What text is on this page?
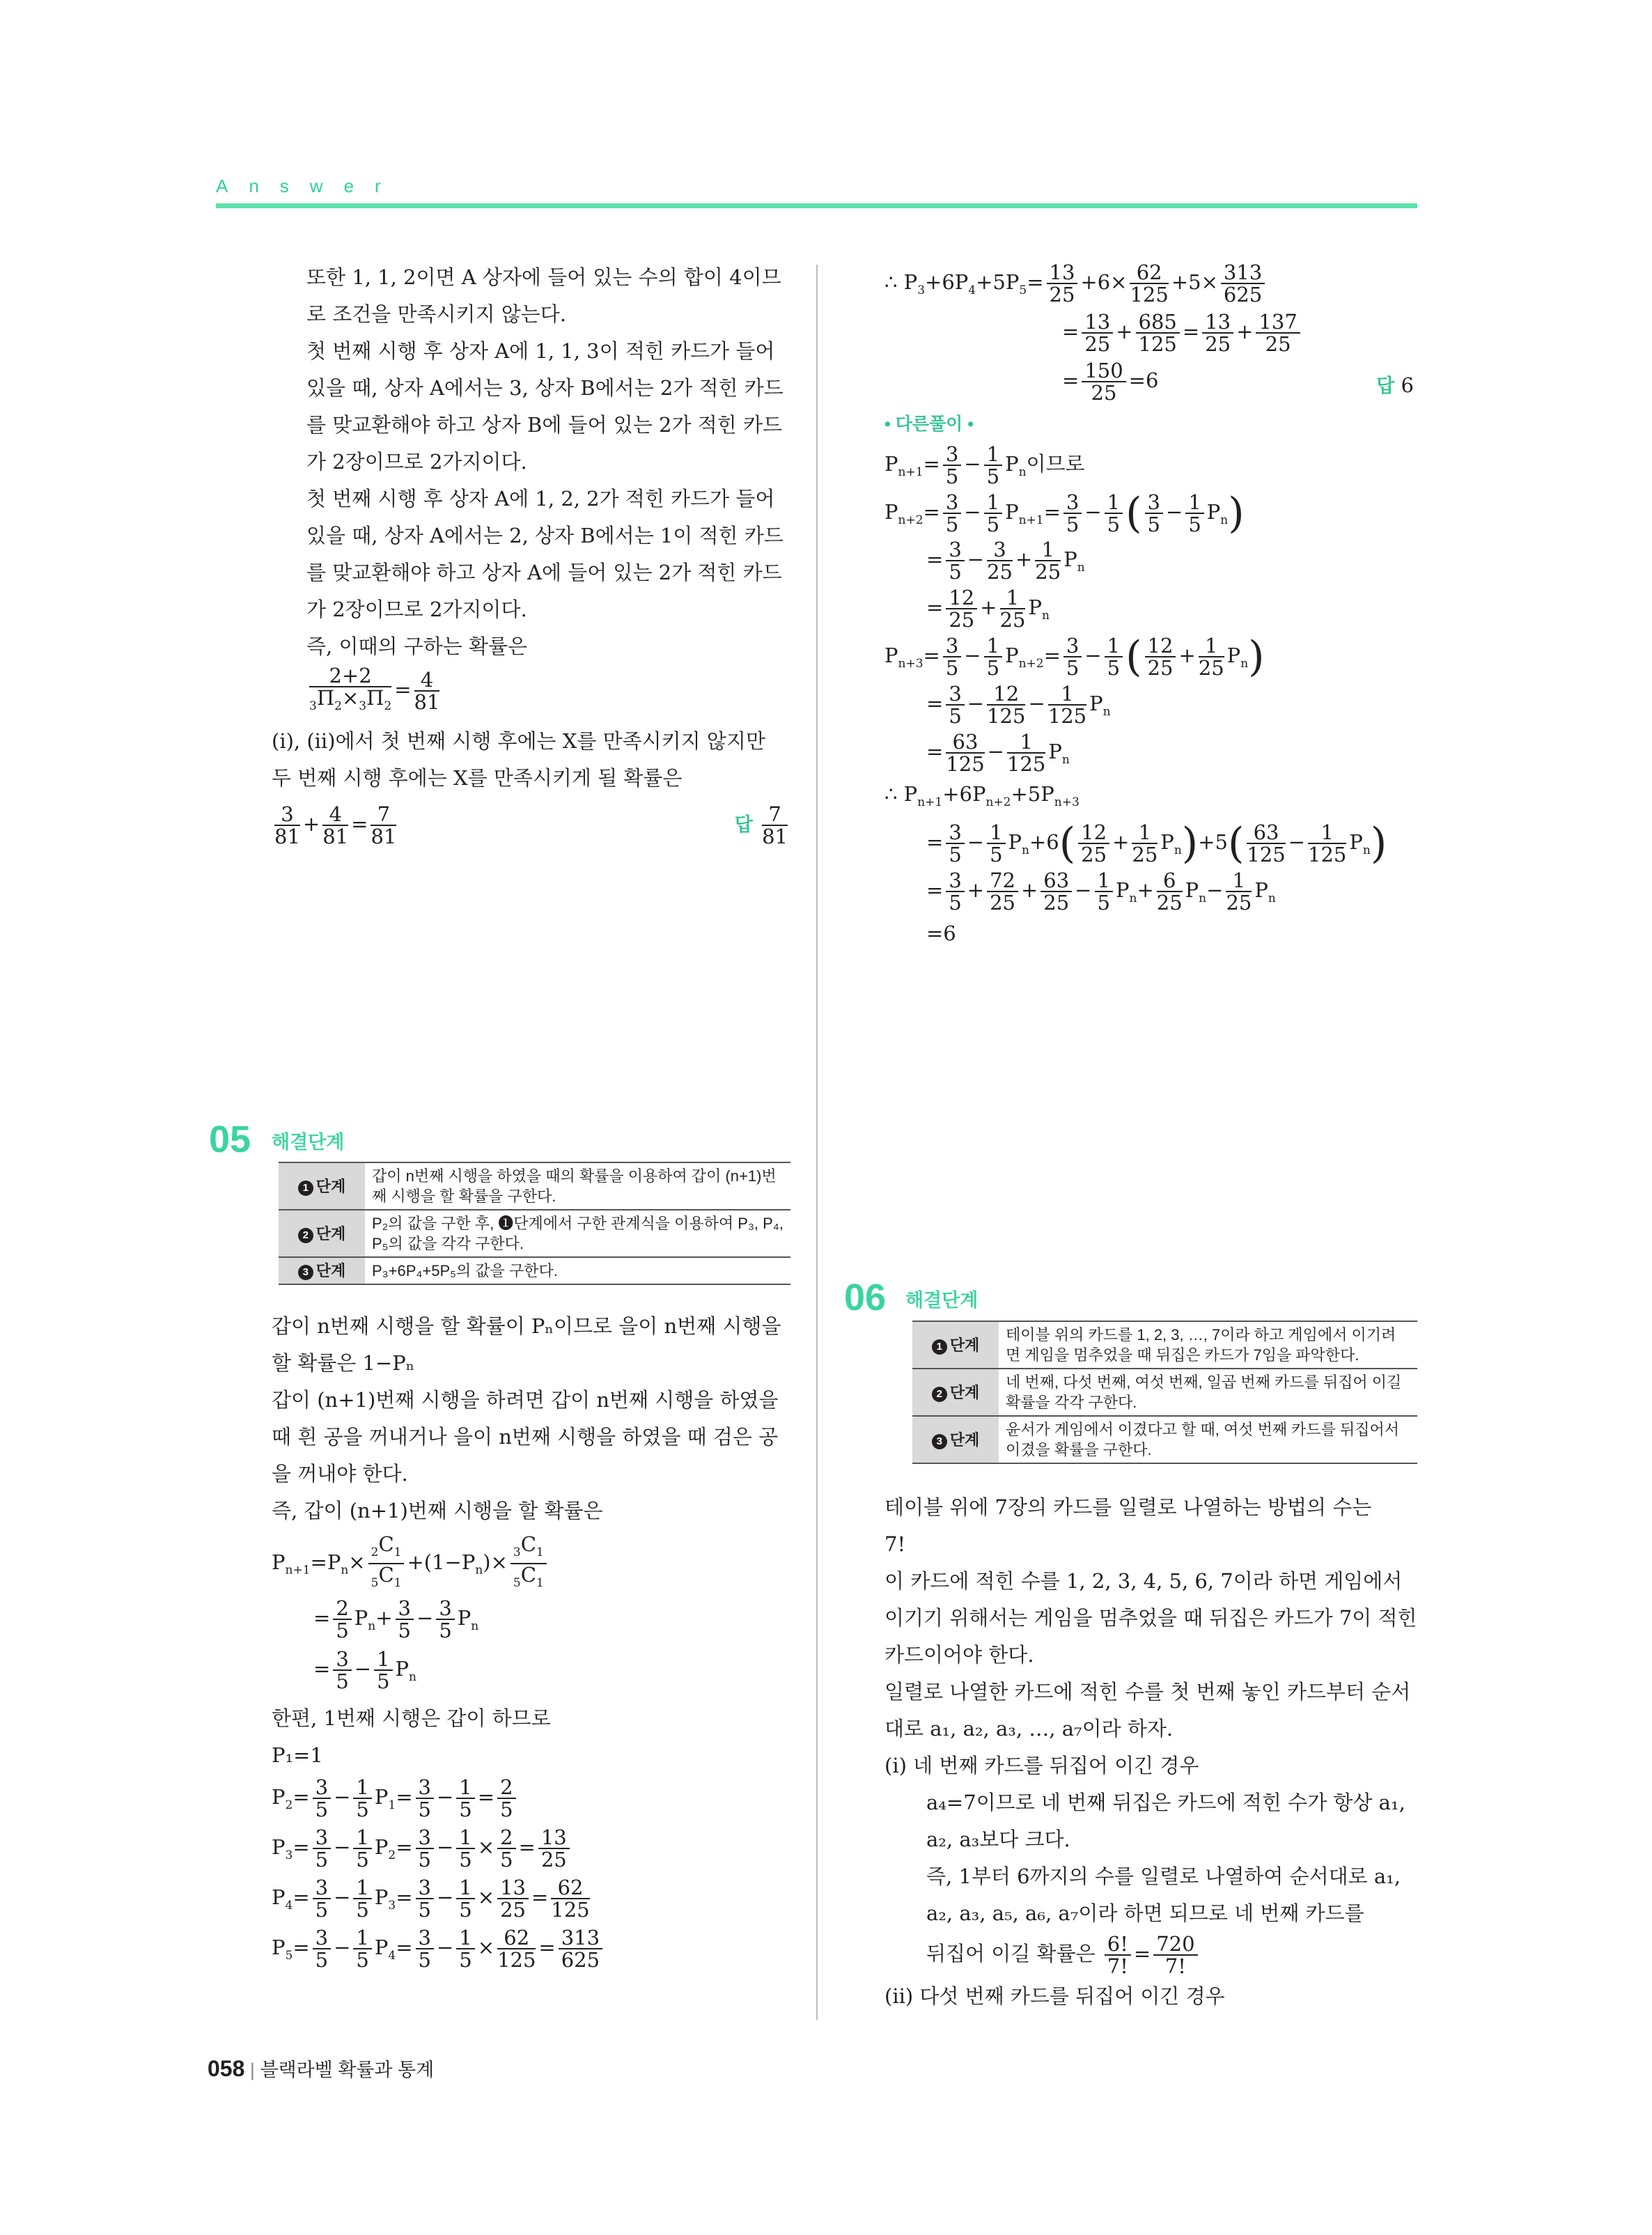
Answer

또한 1, 1, 2이면 A 상자에 들어 있는 수의 합이 4이므로 조건을 만족시키지 않는다.

첫 번째 시행 후 상자 A에 1, 1, 3이 적힌 카드가 들어 있을 때, 상자 A에서는 3, 상자 B에서는 2가 적힌 카드를 맞교환해야 하고 상자 B에 들어 있는 2가 적힌 카드가 2장이므로 2가지이다.

첫 번째 시행 후 상자 A에 1, 2, 2가 적힌 카드가 들어 있을 때, 상자 A에서는 2, 상자 B에서는 1이 적힌 카드를 맞교환해야 하고 상자 A에 들어 있는 2가 적힌 카드가 2장이므로 2가지이다.

즉, 이때의 구하는 확률은

$\frac{2+2}{_3\Pi_2\times_3\Pi_2} = \frac{4}{81}$

(ⅰ), (ⅱ)에서 첫 번째 시행 후에는 X를 만족시키지 않지만 두 번째 시행 후에는 X를 만족시키게 될 확률은

$\frac{3}{81} + \frac{4}{81} = \frac{7}{81}$	답 $\frac{7}{81}$
05 해결단계
1 단계	갑이 n번째 시행을 하였을 때의 확률을 이용하여 갑이 (n+1)번째 시행을 할 확률을 구한다.
2 단계	P₂의 값을 구한 후, ❶단계에서 구한 관계식을 이용하여 P₃, P₄, P₅의 값을 각각 구한다.
3 단계	P₃+6P₄+5P₅의 값을 구한다.

갑이 n번째 시행을 할 확률이 Pₙ이므로 을이 n번째 시행을 할 확률은 1−Pₙ

갑이 (n+1)번째 시행을 하려면 갑이 n번째 시행을 하였을 때 흰 공을 꺼내거나 을이 n번째 시행을 하였을 때 검은 공을 꺼내야 한다.

즉, 갑이 (n+1)번째 시행을 할 확률은

$P_{n+1}=P_n\times \frac{_2C_1}{_5C_1} +(1-P_n)\times \frac{_3C_1}{_5C_1}$
= $\frac{2}{5} P_n+ \frac{3}{5} - \frac{3}{5} P_n$
= $\frac{3}{5} - \frac{1}{5} P_n$

한편, 1번째 시행은 갑이 하므로

P₁=1

$P_2= \frac{3}{5} - \frac{1}{5} P_1= \frac{3}{5} - \frac{1}{5} = \frac{2}{5}$
$P_3= \frac{3}{5} - \frac{1}{5} P_2= \frac{3}{5} - \frac{1}{5} \times \frac{2}{5} = \frac{13}{25}$
$P_4= \frac{3}{5} - \frac{1}{5} P_3= \frac{3}{5} - \frac{1}{5} \times \frac{13}{25} = \frac{62}{125}$
$P_5= \frac{3}{5} - \frac{1}{5} P_4= \frac{3}{5} - \frac{1}{5} \times \frac{62}{125} = \frac{313}{625}$
∴ $P_3+6P_4+5P_5= \frac{13}{25} +6\times \frac{62}{125} +5\times \frac{313}{625}$
= $\frac{13}{25} + \frac{685}{125} = \frac{13}{25} + \frac{137}{25}$
= $\frac{150}{25} =6$	답 6
• 다른풀이 •
$P_{n+1}= \frac{3}{5} - \frac{1}{5} P_n$이므로
$P_{n+2}= \frac{3}{5} - \frac{1}{5} P_{n+1}= \frac{3}{5} - \frac{1}{5}$ ( $\frac{3}{5} - \frac{1}{5} P_n$)
= $\frac{3}{5} - \frac{3}{25} + \frac{1}{25} P_n$
= $\frac{12}{25} + \frac{1}{25} P_n$
$P_{n+3}= \frac{3}{5} - \frac{1}{5} P_{n+2}= \frac{3}{5} - \frac{1}{5}$ ( $\frac{12}{25} + \frac{1}{25} P_n$)
= $\frac{3}{5} - \frac{12}{125} - \frac{1}{125} P_n$
= $\frac{63}{125} - \frac{1}{125} P_n$
∴ $P_{n+1}+6P_{n+2}+5P_{n+3}$
= $\frac{3}{5} - \frac{1}{5} P_n+6( \frac{12}{25} + \frac{1}{25} P_n)+5( \frac{63}{125} - \frac{1}{125} P_n)$
= $\frac{3}{5} + \frac{72}{25} + \frac{63}{25} - \frac{1}{5} P_n+ \frac{6}{25} P_n- \frac{1}{25} P_n$
=6
06 해결단계
1 단계	테이블 위의 카드를 1, 2, 3, …, 7이라 하고 게임에서 이기려면 게임을 멈추었을 때 뒤집은 카드가 7임을 파악한다.
2 단계	네 번째, 다섯 번째, 여섯 번째, 일곱 번째 카드를 뒤집어 이길 확률을 각각 구한다.
3 단계	윤서가 게임에서 이겼다고 할 때, 여섯 번째 카드를 뒤집어서 이겼을 확률을 구한다.

테이블 위에 7장의 카드를 일렬로 나열하는 방법의 수는

7!

이 카드에 적힌 수를 1, 2, 3, 4, 5, 6, 7이라 하면 게임에서 이기기 위해서는 게임을 멈추었을 때 뒤집은 카드가 7이 적힌 카드이어야 한다.

일렬로 나열한 카드에 적힌 수를 첫 번째 놓인 카드부터 순서대로 a₁, a₂, a₃, …, a₇이라 하자.

(ⅰ) 네 번째 카드를 뒤집어 이긴 경우

a₄=7이므로 네 번째 뒤집은 카드에 적힌 수가 항상 a₁, a₂, a₃보다 크다.

즉, 1부터 6까지의 수를 일렬로 나열하여 순서대로 a₁, a₂, a₃, a₅, a₆, a₇이라 하면 되므로 네 번째 카드를

뒤집어 이길 확률은 $\frac{6!}{7!} = \frac{720}{7!}$

(ⅱ) 다섯 번째 카드를 뒤집어 이긴 경우

058 | 블랙라벨 확률과 통계
